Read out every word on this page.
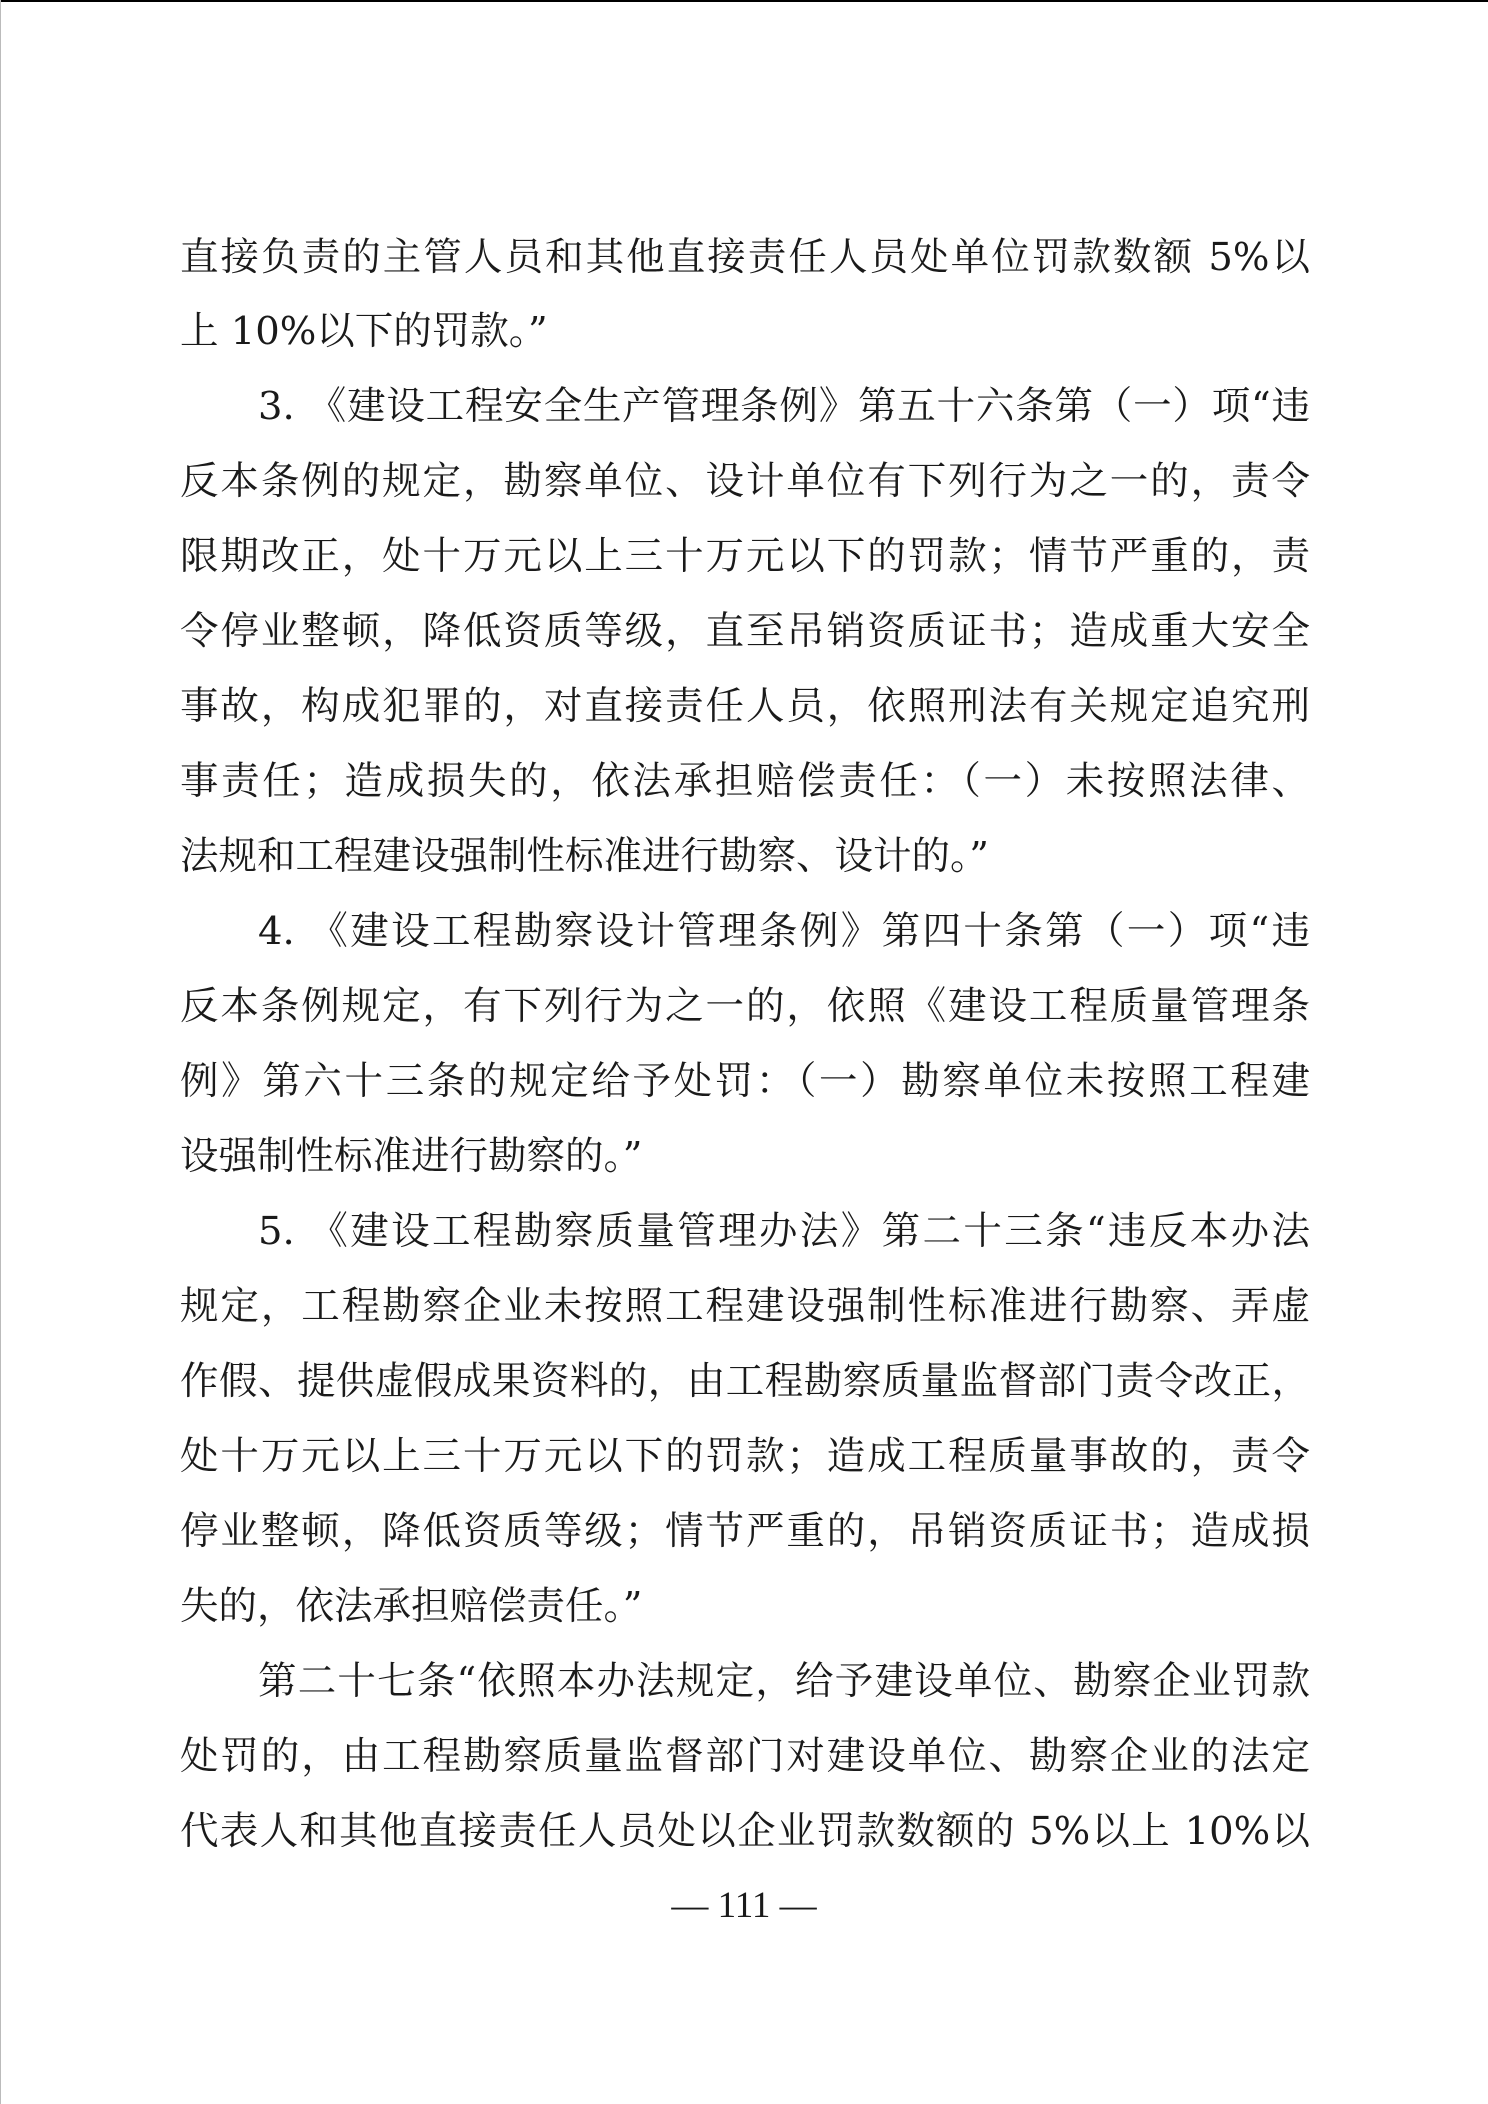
直接负责的主管人员和其他直接责任人员处单位罚款数额 5%以
上 10%以下的罚款。”
3. 《建设工程安全生产管理条例》第五十六条第（一）项“违
反本条例的规定，勘察单位、设计单位有下列行为之一的，责令
限期改正，处十万元以上三十万元以下的罚款；情节严重的，责
令停业整顿，降低资质等级，直至吊销资质证书；造成重大安全
事故，构成犯罪的，对直接责任人员，依照刑法有关规定追究刑
事责任；造成损失的，依法承担赔偿责任：（一）未按照法律、
法规和工程建设强制性标准进行勘察、设计的。”
4. 《建设工程勘察设计管理条例》第四十条第（一）项“违
反本条例规定，有下列行为之一的，依照《建设工程质量管理条
例》第六十三条的规定给予处罚：（一）勘察单位未按照工程建
设强制性标准进行勘察的。”
5. 《建设工程勘察质量管理办法》第二十三条“违反本办法
规定，工程勘察企业未按照工程建设强制性标准进行勘察、弄虚
作假、提供虚假成果资料的，由工程勘察质量监督部门责令改正，
处十万元以上三十万元以下的罚款；造成工程质量事故的，责令
停业整顿，降低资质等级；情节严重的，吊销资质证书；造成损
失的，依法承担赔偿责任。”
第二十七条“依照本办法规定，给予建设单位、勘察企业罚款
处罚的，由工程勘察质量监督部门对建设单位、勘察企业的法定
代表人和其他直接责任人员处以企业罚款数额的 5%以上 10%以
— 111 —
